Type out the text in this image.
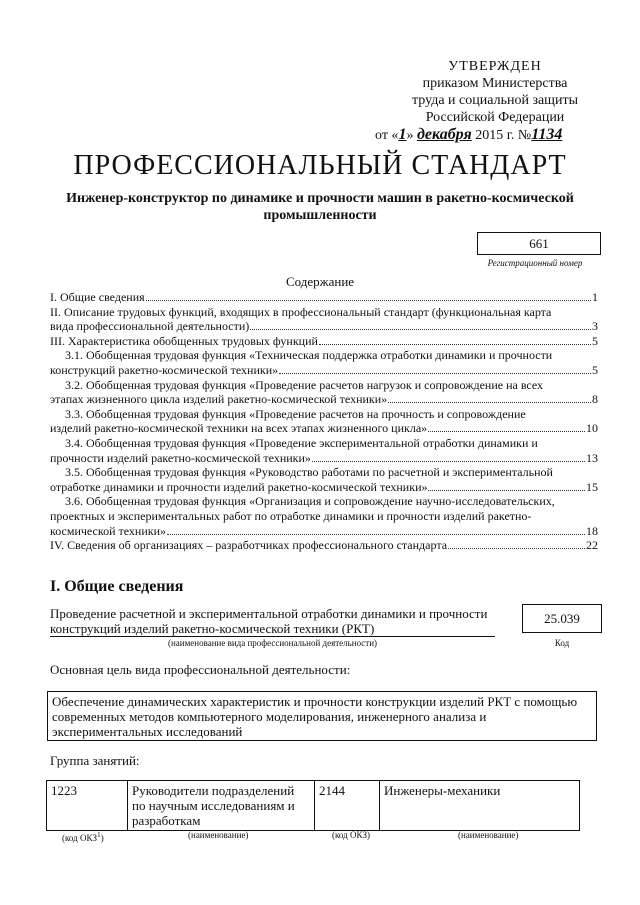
УТВЕРЖДЕН
приказом Министерства
труда и социальной защиты
Российской Федерации
от «1» декабря 2015 г. №1134
ПРОФЕССИОНАЛЬНЫЙ СТАНДАРТ
Инженер-конструктор по динамике и прочности машин в ракетно-космической промышленности
661
Регистрационный номер
Содержание
I. Общие сведения	1
II. Описание трудовых функций, входящих в профессиональный стандарт (функциональная карта
вида профессиональной деятельности)	3
III. Характеристика обобщенных трудовых функций	5
3.1. Обобщенная трудовая функция «Техническая поддержка отработки динамики и прочности
конструкций ракетно-космической техники»	5
3.2. Обобщенная трудовая функция «Проведение расчетов нагрузок и сопровождение на всех
этапах жизненного цикла изделий ракетно-космической техники»	8
3.3. Обобщенная трудовая функция «Проведение расчетов на прочность и сопровождение
изделий ракетно-космической техники на всех этапах жизненного цикла»	10
3.4. Обобщенная трудовая функция «Проведение экспериментальной отработки динамики и
прочности изделий ракетно-космической техники»	13
3.5. Обобщенная трудовая функция «Руководство работами по расчетной и экспериментальной
отработке динамики и прочности изделий ракетно-космической техники»	15
3.6. Обобщенная трудовая функция «Организация и сопровождение научно-исследовательских,
проектных и экспериментальных работ по отработке динамики и прочности изделий ракетно-
космической техники»	18
IV. Сведения об организациях – разработчиках профессионального стандарта	22
I. Общие сведения
Проведение расчетной и экспериментальной отработки динамики и прочности конструкций изделий ракетно-космической техники (РКТ)
(наименование вида профессиональной деятельности)
25.039
Код
Основная цель вида профессиональной деятельности:
Обеспечение динамических характеристик и прочности конструкции изделий РКТ с помощью современных методов компьютерного моделирования, инженерного анализа и экспериментальных исследований
Группа занятий:
1223	Руководители подразделений по научным исследованиям и разработкам	2144	Инженеры-механики
(код ОКЗ$^1$)	(наименование)	(код ОКЗ)	(наименование)
